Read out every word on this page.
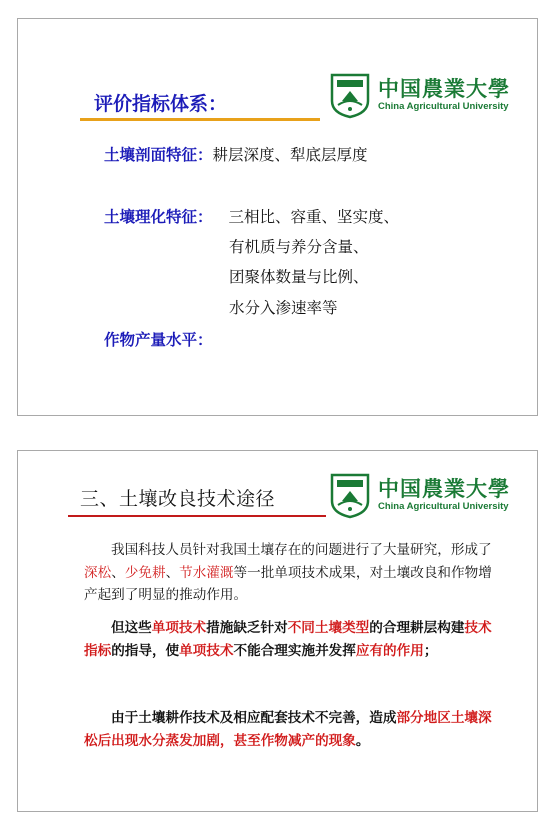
中国農業大學
China Agricultural University
评价指标体系：
土壤剖面特征：耕层深度、犁底层厚度
土壤理化特征： 三相比、容重、坚实度、
有机质与养分含量、
团聚体数量与比例、
水分入渗速率等
作物产量水平：
中国農業大學
China Agricultural University
三、土壤改良技术途径
我国科技人员针对我国土壤存在的问题进行了大量研究，形成了深松、少免耕、节水灌溉等一批单项技术成果，对土壤改良和作物增产起到了明显的推动作用。
但这些单项技术措施缺乏针对不同土壤类型的合理耕层构建技术指标的指导，使单项技术不能合理实施并发挥应有的作用；
由于土壤耕作技术及相应配套技术不完善，造成部分地区土壤深松后出现水分蒸发加剧，甚至作物减产的现象。
